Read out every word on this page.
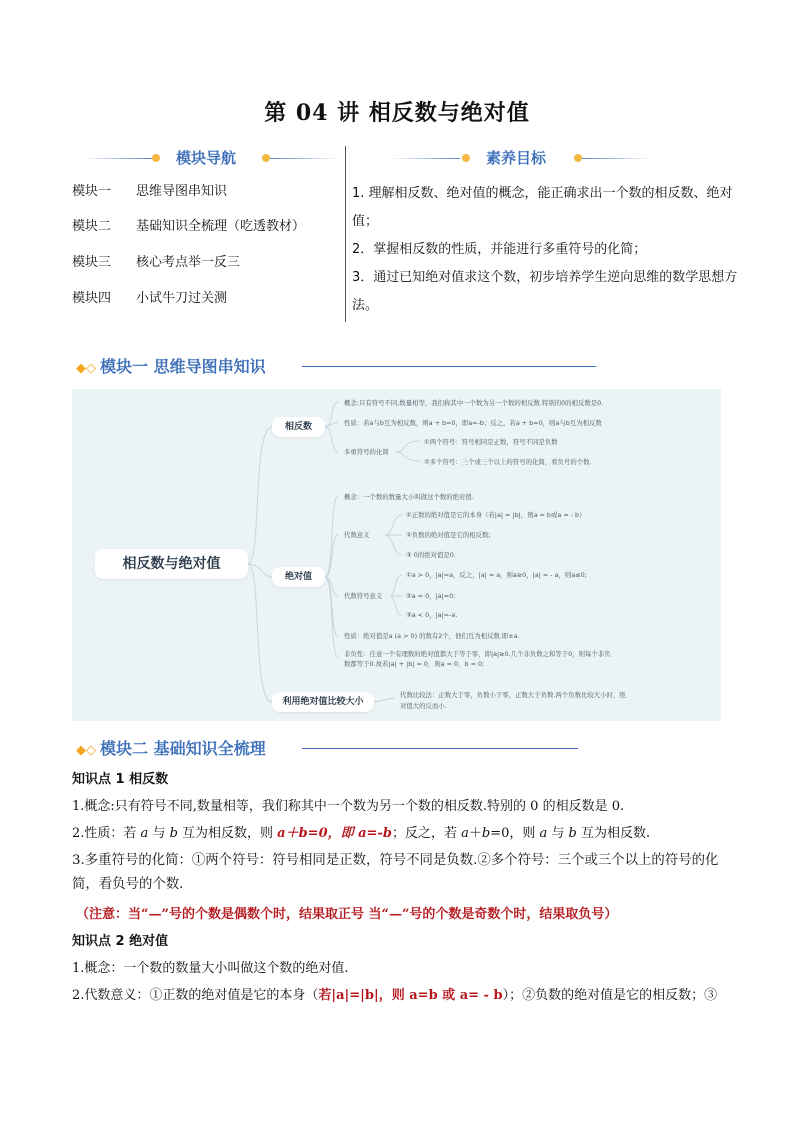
第 04 讲 相反数与绝对值
模块导航	素养目标
模块一 思维导图串知识
模块二 基础知识全梳理（吃透教材）
模块三 核心考点举一反三
模块四 小试牛刀过关测
1. 理解相反数、绝对值的概念，能正确求出一个数的相反数、绝对值；
2．掌握相反数的性质，并能进行多重符号的化简；
3．通过已知绝对值求这个数，初步培养学生逆向思维的数学思想方法。
◆◇ 模块一 思维导图串知识
相反数与绝对值
相反数
绝对值
利用绝对值比较大小
概念:只有符号不同,数量相等，我们称其中一个数为另一个数的相反数.特别的0的相反数是0.
性质：若a与b互为相反数，则a + b=0，即a=-b；反之，若a + b=0，则a与b互为相反数
多重符号的化简
①两个符号：符号相同是正数，符号不同是负数
②多个符号：三个或三个以上的符号的化简，看负号的个数.
概念：一个数的数量大小叫做这个数的绝对值.
代数意义
①正数的绝对值是它的本身（若|a| = |b|，则a = b或a = - b）
②负数的绝对值是它的相反数;
③ 0的绝对值是0.
代数符号意义
①a > 0，|a|=a，反之，|a| = a，则a≥0，|a| = - a，则a≤0;
②a = 0，|a|=0;
③a < 0，|a|=-a.
性质：绝对值是a (a > 0) 的数有2个，他们互为相反数.即±a.
非负性：任意一个有理数的绝对值都大于等于零，即|a|≥0.几个非负数之和等于0，则每个非负
数都等于0.故若|a| + |b| = 0，则a = 0，b = 0;
代数比较法：正数大于零，负数小于零，正数大于负数.两个负数比较大小时，绝
对值大的反而小.
◆◇ 模块二 基础知识全梳理
知识点 1 相反数
1.概念:只有符号不同,数量相等，我们称其中一个数为另一个数的相反数.特别的 0 的相反数是 0.
2.性质：若 a 与 b 互为相反数，则 a＋b=0，即 a=-b；反之，若 a＋b=0，则 a 与 b 互为相反数.
3.多重符号的化简：①两个符号：符号相同是正数，符号不同是负数.②多个符号：三个或三个以上的符号的化
简，看负号的个数.
（注意：当“—”号的个数是偶数个时，结果取正号 当“—”号的个数是奇数个时，结果取负号）
知识点 2 绝对值
1.概念：一个数的数量大小叫做这个数的绝对值.
2.代数意义：①正数的绝对值是它的本身（若|a|=|b|，则 a=b 或 a= - b）；②负数的绝对值是它的相反数；③
